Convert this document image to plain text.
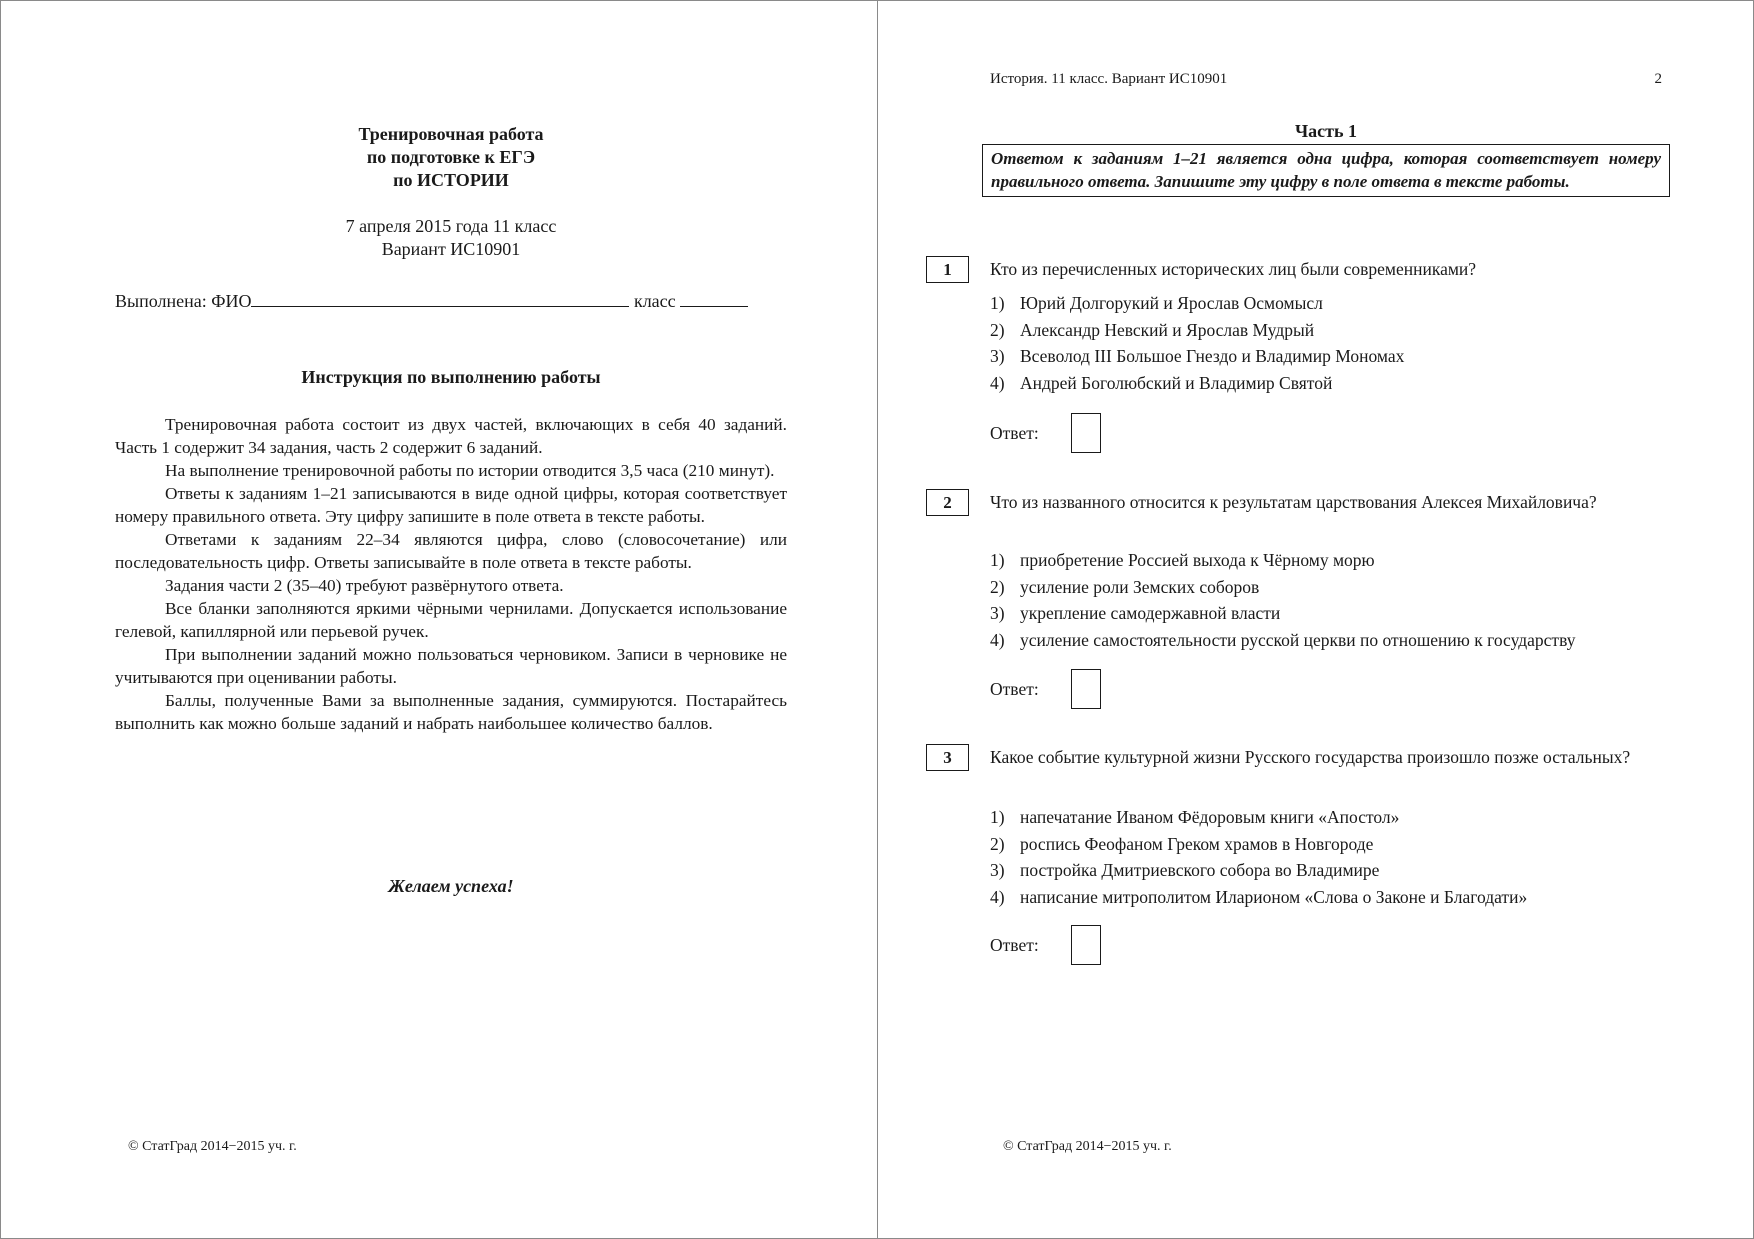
Тренировочная работа
по подготовке к ЕГЭ
по ИСТОРИИ
7 апреля 2015 года 11 класс
Вариант ИС10901
Выполнена: ФИО	класс
Инструкция по выполнению работы

Тренировочная работа состоит из двух частей, включающих в себя 40 заданий. Часть 1 содержит 34 задания, часть 2 содержит 6 заданий.

На выполнение тренировочной работы по истории отводится 3,5 часа (210 минут).

Ответы к заданиям 1–21 записываются в виде одной цифры, которая соответствует номеру правильного ответа. Эту цифру запишите в поле ответа в тексте работы.

Ответами к заданиям 22–34 являются цифра, слово (словосочетание) или последовательность цифр. Ответы записывайте в поле ответа в тексте работы.

Задания части 2 (35–40) требуют развёрнутого ответа.

Все бланки заполняются яркими чёрными чернилами. Допускается использование гелевой, капиллярной или перьевой ручек.

При выполнении заданий можно пользоваться черновиком. Записи в черновике не учитываются при оценивании работы.

Баллы, полученные Вами за выполненные задания, суммируются. Постарайтесь выполнить как можно больше заданий и набрать наибольшее количество баллов.

Желаем успеха!
© СтатГрад 2014−2015 уч. г.
История. 11 класс. Вариант ИС10901	2
Часть 1
Ответом к заданиям 1–21 является одна цифра, которая соответствует номеру правильного ответа. Запишите эту цифру в поле ответа в тексте работы.
1	Кто из перечисленных исторических лиц были современниками?
1) Юрий Долгорукий и Ярослав Осмомысл
2) Александр Невский и Ярослав Мудрый
3) Всеволод III Большое Гнездо и Владимир Мономах
4) Андрей Боголюбский и Владимир Святой
Ответ:
2	Что из названного относится к результатам царствования Алексея Михайловича?
1) приобретение Россией выхода к Чёрному морю
2) усиление роли Земских соборов
3) укрепление самодержавной власти
4) усиление самостоятельности русской церкви по отношению к государству
Ответ:
3	Какое событие культурной жизни Русского государства произошло позже остальных?
1) напечатание Иваном Фёдоровым книги «Апостол»
2) роспись Феофаном Греком храмов в Новгороде
3) постройка Дмитриевского собора во Владимире
4) написание митрополитом Иларионом «Слова о Законе и Благодати»
Ответ:
© СтатГрад 2014−2015 уч. г.
